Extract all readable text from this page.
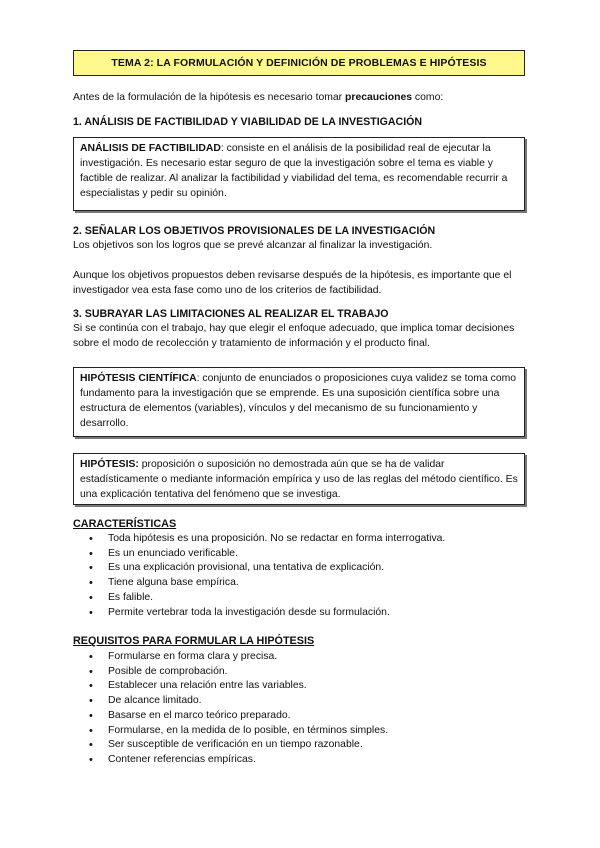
TEMA 2: LA FORMULACIÓN Y DEFINICIÓN DE PROBLEMAS E HIPÓTESIS
Antes de la formulación de la hipótesis es necesario tomar precauciones como:
1. ANÁLISIS DE FACTIBILIDAD Y VIABILIDAD DE LA INVESTIGACIÓN
ANÁLISIS DE FACTIBILIDAD: consiste en el análisis de la posibilidad real de ejecutar la investigación. Es necesario estar seguro de que la investigación sobre el tema es viable y factible de realizar. Al analizar la factibilidad y viabilidad del tema, es recomendable recurrir a especialistas y pedir su opinión.
2. SEÑALAR LOS OBJETIVOS PROVISIONALES DE LA INVESTIGACIÓN
Los objetivos son los logros que se prevé alcanzar al finalizar la investigación.
Aunque los objetivos propuestos deben revisarse después de la hipótesis, es importante que el investigador vea esta fase como uno de los criterios de factibilidad.
3. SUBRAYAR LAS LIMITACIONES AL REALIZAR EL TRABAJO
Si se continúa con el trabajo, hay que elegir el enfoque adecuado, que implica tomar decisiones sobre el modo de recolección y tratamiento de información y el producto final.
HIPÓTESIS CIENTÍFICA: conjunto de enunciados o proposiciones cuya validez se toma como fundamento para la investigación que se emprende. Es una suposición científica sobre una estructura de elementos (variables), vínculos y del mecanismo de su funcionamiento y desarrollo.
HIPÓTESIS: proposición o suposición no demostrada aún que se ha de validar estadísticamente o mediante información empírica y uso de las reglas del método científico. Es una explicación tentativa del fenómeno que se investiga.
CARACTERÍSTICAS
• Toda hipótesis es una proposición. No se redactar en forma interrogativa.
• Es un enunciado verificable.
• Es una explicación provisional, una tentativa de explicación.
• Tiene alguna base empírica.
• Es falible.
• Permite vertebrar toda la investigación desde su formulación.
REQUISITOS PARA FORMULAR LA HIPÓTESIS
• Formularse en forma clara y precisa.
• Posible de comprobación.
• Establecer una relación entre las variables.
• De alcance limitado.
• Basarse en el marco teórico preparado.
• Formularse, en la medida de lo posible, en términos simples.
• Ser susceptible de verificación en un tiempo razonable.
• Contener referencias empíricas.
